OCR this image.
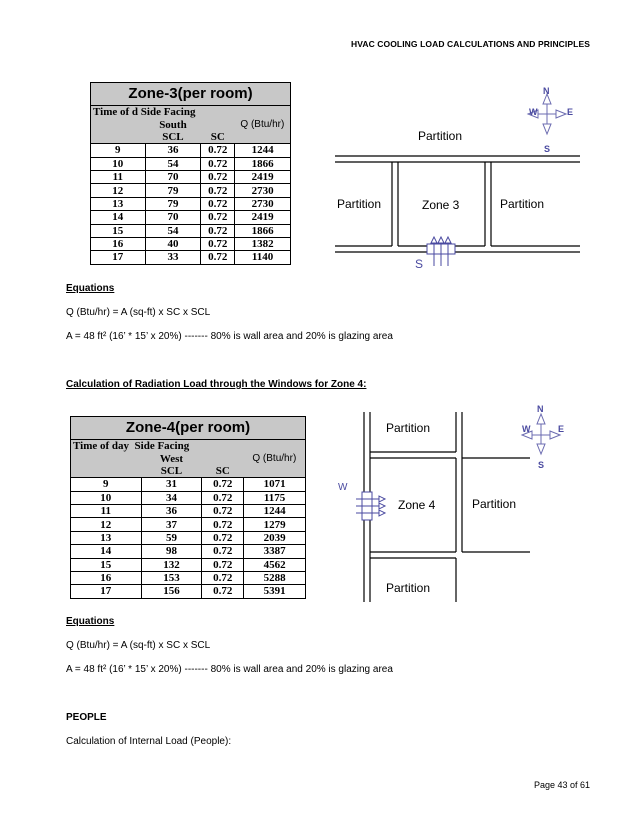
HVAC COOLING LOAD CALCULATIONS AND PRINCIPLES
Zone-3(per room)			
Time of d Side Facing			
	South		Q (Btu/hr)
	SCL	SC	
9	36	0.72	1244
10	54	0.72	1866
11	70	0.72	2419
12	79	0.72	2730
13	79	0.72	2730
14	70	0.72	2419
15	54	0.72	1866
16	40	0.72	1382
17	33	0.72	1140
N
S
E
W
S
Partition
Partition	Zone 3	Partition
Equations
Q (Btu/hr) = A (sq-ft) x SC x SCL
A = 48 ft² (16’ * 15’ x 20%) ------- 80% is wall area and 20% is glazing area
Calculation of Radiation Load through the Windows for Zone 4:
Zone-4(per room)			
Time of day Side Facing			
	West		Q (Btu/hr)
	SCL	SC	
9	31	0.72	1071
10	34	0.72	1175
11	36	0.72	1244
12	37	0.72	1279
13	59	0.72	2039
14	98	0.72	3387
15	132	0.72	4562
16	153	0.72	5288
17	156	0.72	5391
N
S
E
W
W
Partition
Zone 4	Partition
Partition
Equations
Q (Btu/hr) = A (sq-ft) x SC x SCL
A = 48 ft² (16’ * 15’ x 20%) ------- 80% is wall area and 20% is glazing area
PEOPLE
Calculation of Internal Load (People):
Page 43 of 61
